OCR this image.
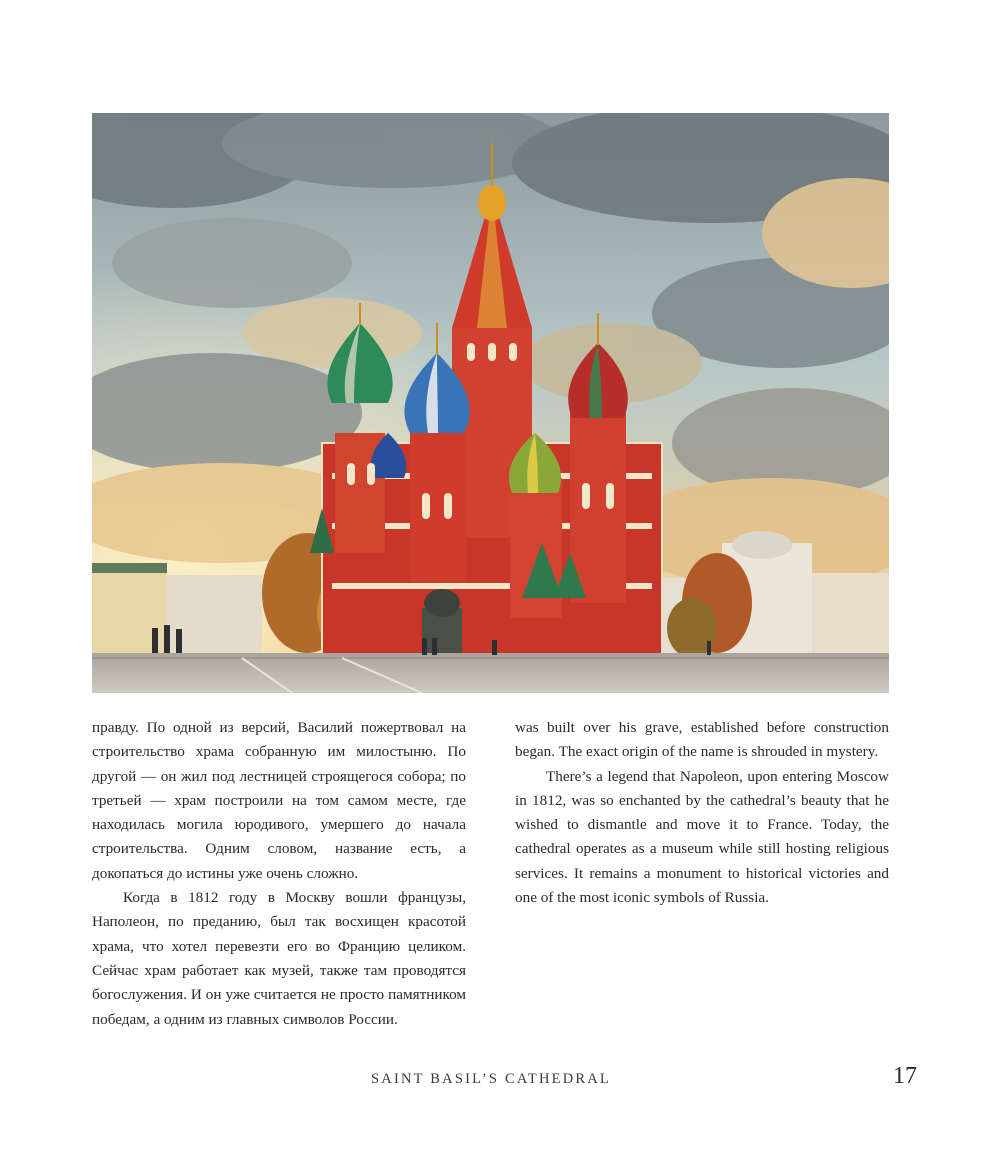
правду. По одной из версий, Василий пожертвовал на строительство храма собранную им милостыню. По другой — он жил под лестницей строящегося собора; по третьей — храм построили на том самом месте, где находилась могила юродивого, умершего до начала строительства. Одним словом, название есть, а докопаться до истины уже очень сложно.

Когда в 1812 году в Москву вошли французы, Наполеон, по преданию, был так восхищен красотой храма, что хотел перевезти его во Францию целиком. Сейчас храм работает как музей, также там проводятся богослужения. И он уже считается не просто памятником победам, а одним из главных символов России.

was built over his grave, established before construction began. The exact origin of the name is shrouded in mystery.

There’s a legend that Napoleon, upon entering Moscow in 1812, was so enchanted by the cathedral’s beauty that he wished to dismantle and move it to France. Today, the cathedral operates as a museum while still hosting religious services. It remains a monument to historical victories and one of the most iconic symbols of Russia.

SAINT BASIL’S CATHEDRAL	17
